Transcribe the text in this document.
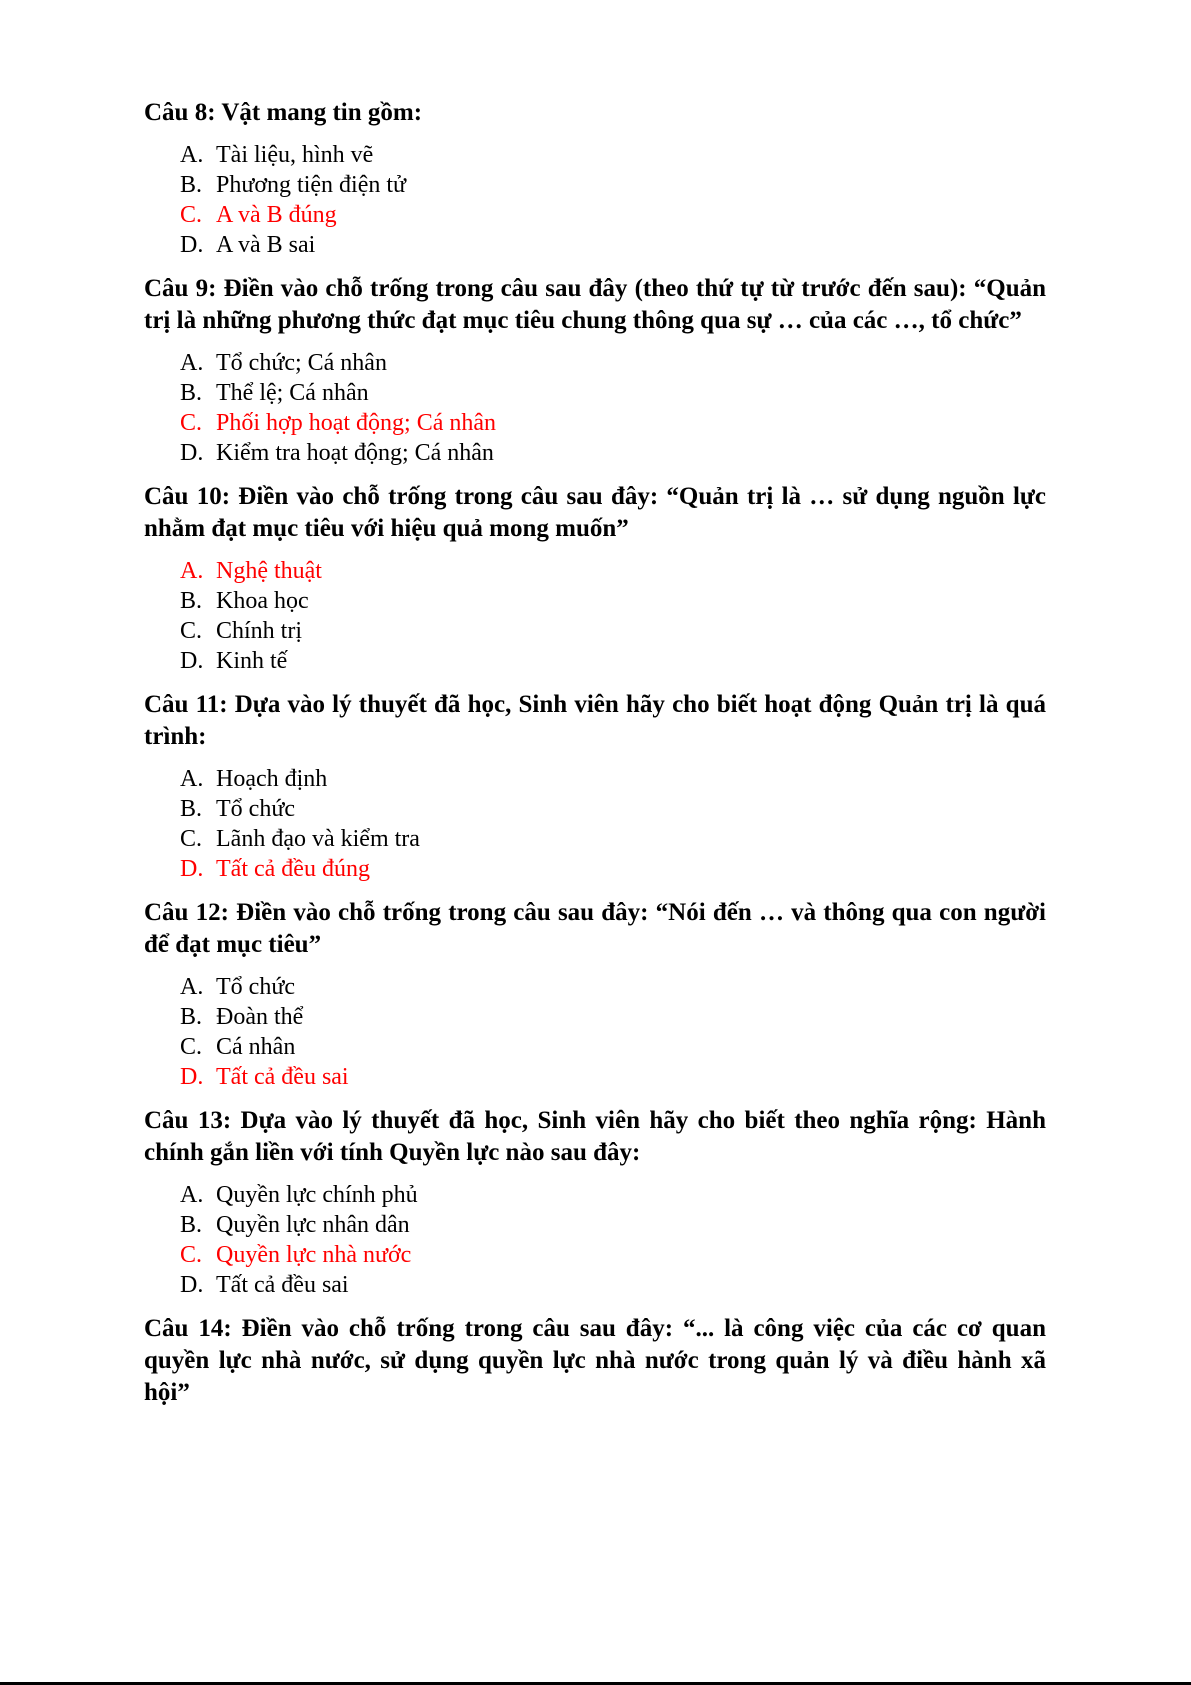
Câu 8: Vật mang tin gồm:

A. Tài liệu, hình vẽ
B. Phương tiện điện tử
C. A và B đúng
D. A và B sai

Câu 9: Điền vào chỗ trống trong câu sau đây (theo thứ tự từ trước đến sau): “Quản trị là những phương thức đạt mục tiêu chung thông qua sự … của các …, tổ chức”

A. Tổ chức; Cá nhân
B. Thể lệ; Cá nhân
C. Phối hợp hoạt động; Cá nhân
D. Kiểm tra hoạt động; Cá nhân

Câu 10: Điền vào chỗ trống trong câu sau đây: “Quản trị là … sử dụng nguồn lực nhằm đạt mục tiêu với hiệu quả mong muốn”

A. Nghệ thuật
B. Khoa học
C. Chính trị
D. Kinh tế

Câu 11: Dựa vào lý thuyết đã học, Sinh viên hãy cho biết hoạt động Quản trị là quá trình:

A. Hoạch định
B. Tổ chức
C. Lãnh đạo và kiểm tra
D. Tất cả đều đúng

Câu 12: Điền vào chỗ trống trong câu sau đây: “Nói đến … và thông qua con người để đạt mục tiêu”

A. Tổ chức
B. Đoàn thể
C. Cá nhân
D. Tất cả đều sai

Câu 13: Dựa vào lý thuyết đã học, Sinh viên hãy cho biết theo nghĩa rộng: Hành chính gắn liền với tính Quyền lực nào sau đây:

A. Quyền lực chính phủ
B. Quyền lực nhân dân
C. Quyền lực nhà nước
D. Tất cả đều sai

Câu 14: Điền vào chỗ trống trong câu sau đây: “... là công việc của các cơ quan quyền lực nhà nước, sử dụng quyền lực nhà nước trong quản lý và điều hành xã hội”
